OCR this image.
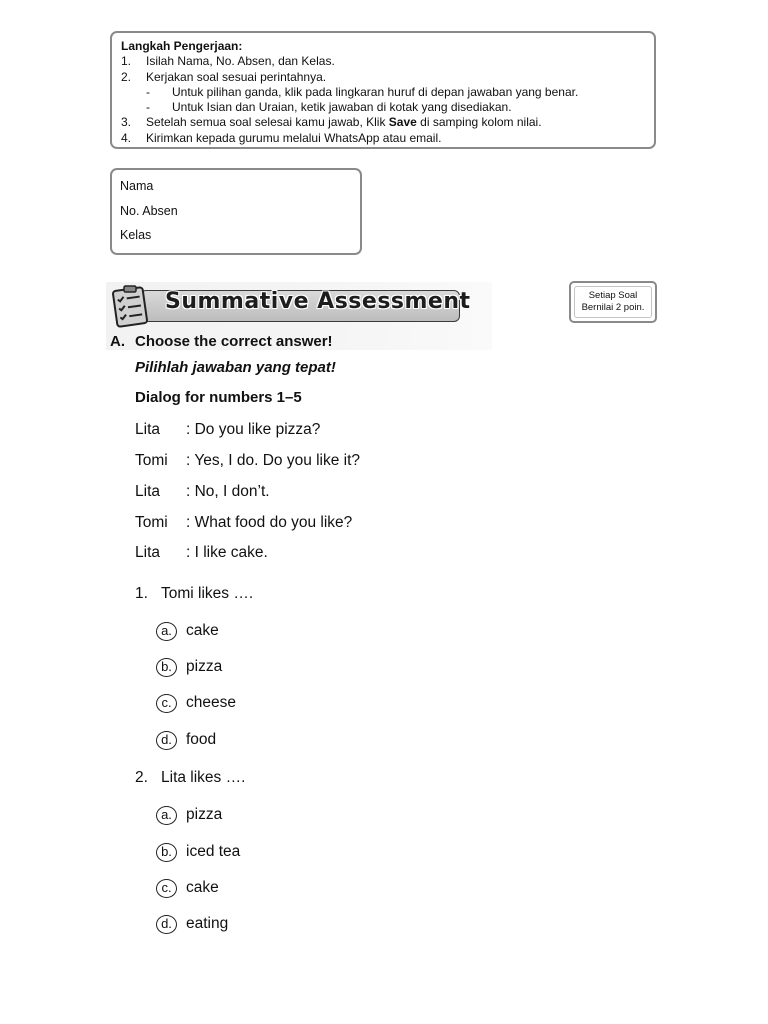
Langkah Pengerjaan:
1.	Isilah Nama, No. Absen, dan Kelas.
2.	Kerjakan soal sesuai perintahnya.
-	Untuk pilihan ganda, klik pada lingkaran huruf di depan jawaban yang benar.
-	Untuk Isian dan Uraian, ketik jawaban di kotak yang disediakan.
3.	Setelah semua soal selesai kamu jawab, Klik Save di samping kolom nilai.
4.	Kirimkan kepada gurumu melalui WhatsApp atau email.
Nama
No. Absen
Kelas
Summative Assessment	Setiap Soal
Bernilai 2 poin.
A. Choose the correct answer!
Pilihlah jawaban yang tepat!
Dialog for numbers 1–5
Lita : Do you like pizza?
Tomi : Yes, I do. Do you like it?
Lita : No, I don’t.
Tomi : What food do you like?
Lita : I like cake.
1. Tomi likes ….
a. cake
b. pizza
c. cheese
d. food
2. Lita likes ….
a. pizza
b. iced tea
c. cake
d. eating
